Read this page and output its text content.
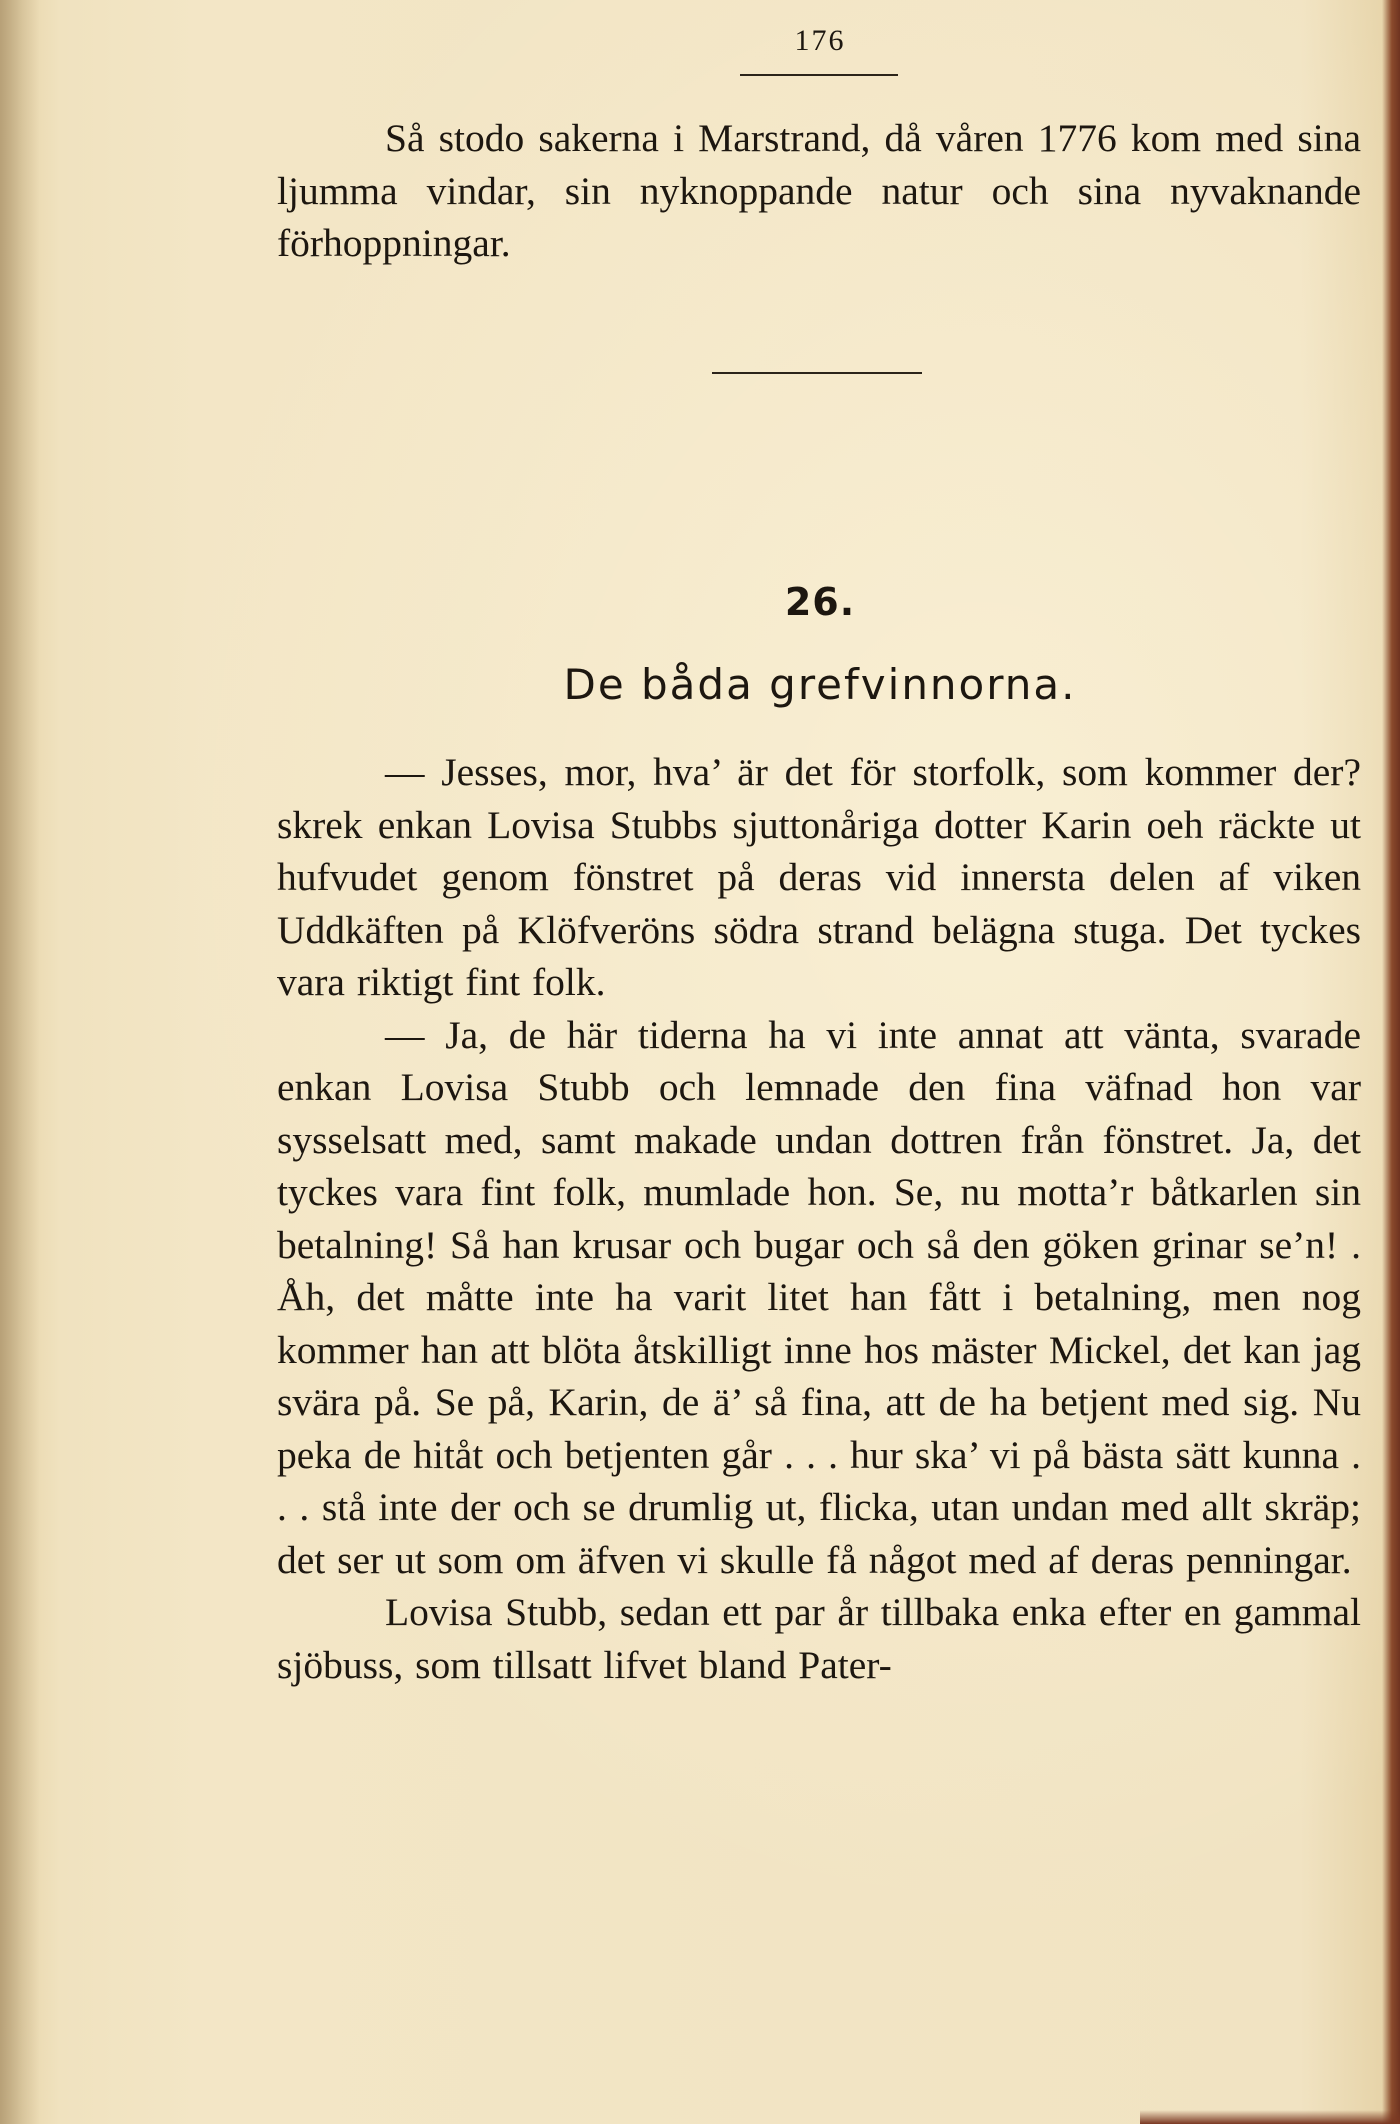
176

Så stodo sakerna i Marstrand, då våren 1776 kom med sina ljumma vindar, sin nyknoppande natur och sina nyvaknande förhoppningar.

26.
De båda grefvinnorna.

— Jesses, mor, hva’ är det för storfolk, som kommer der? skrek enkan Lovisa Stubbs sjuttonåriga dotter Karin oeh räckte ut hufvudet genom fönstret på deras vid innersta delen af viken Uddkäften på Klöfveröns södra strand belägna stuga. Det tyckes vara riktigt fint folk.

— Ja, de här tiderna ha vi inte annat att vänta, svarade enkan Lovisa Stubb och lemnade den fina väfnad hon var sysselsatt med, samt makade undan dottren från fönstret. Ja, det tyckes vara fint folk, mumlade hon. Se, nu motta’r båtkarlen sin betalning! Så han krusar och bugar och så den göken grinar se’n! . Åh, det måtte inte ha varit litet han fått i betalning, men nog kommer han att blöta åtskilligt inne hos mäster Mickel, det kan jag svära på. Se på, Karin, de ä’ så fina, att de ha betjent med sig. Nu peka de hitåt och betjenten går . . . hur ska’ vi på bästa sätt kunna . . . stå inte der och se drumlig ut, flicka, utan undan med allt skräp; det ser ut som om äfven vi skulle få något med af deras penningar.

Lovisa Stubb, sedan ett par år tillbaka enka efter en gammal sjöbuss, som tillsatt lifvet bland Pater-
